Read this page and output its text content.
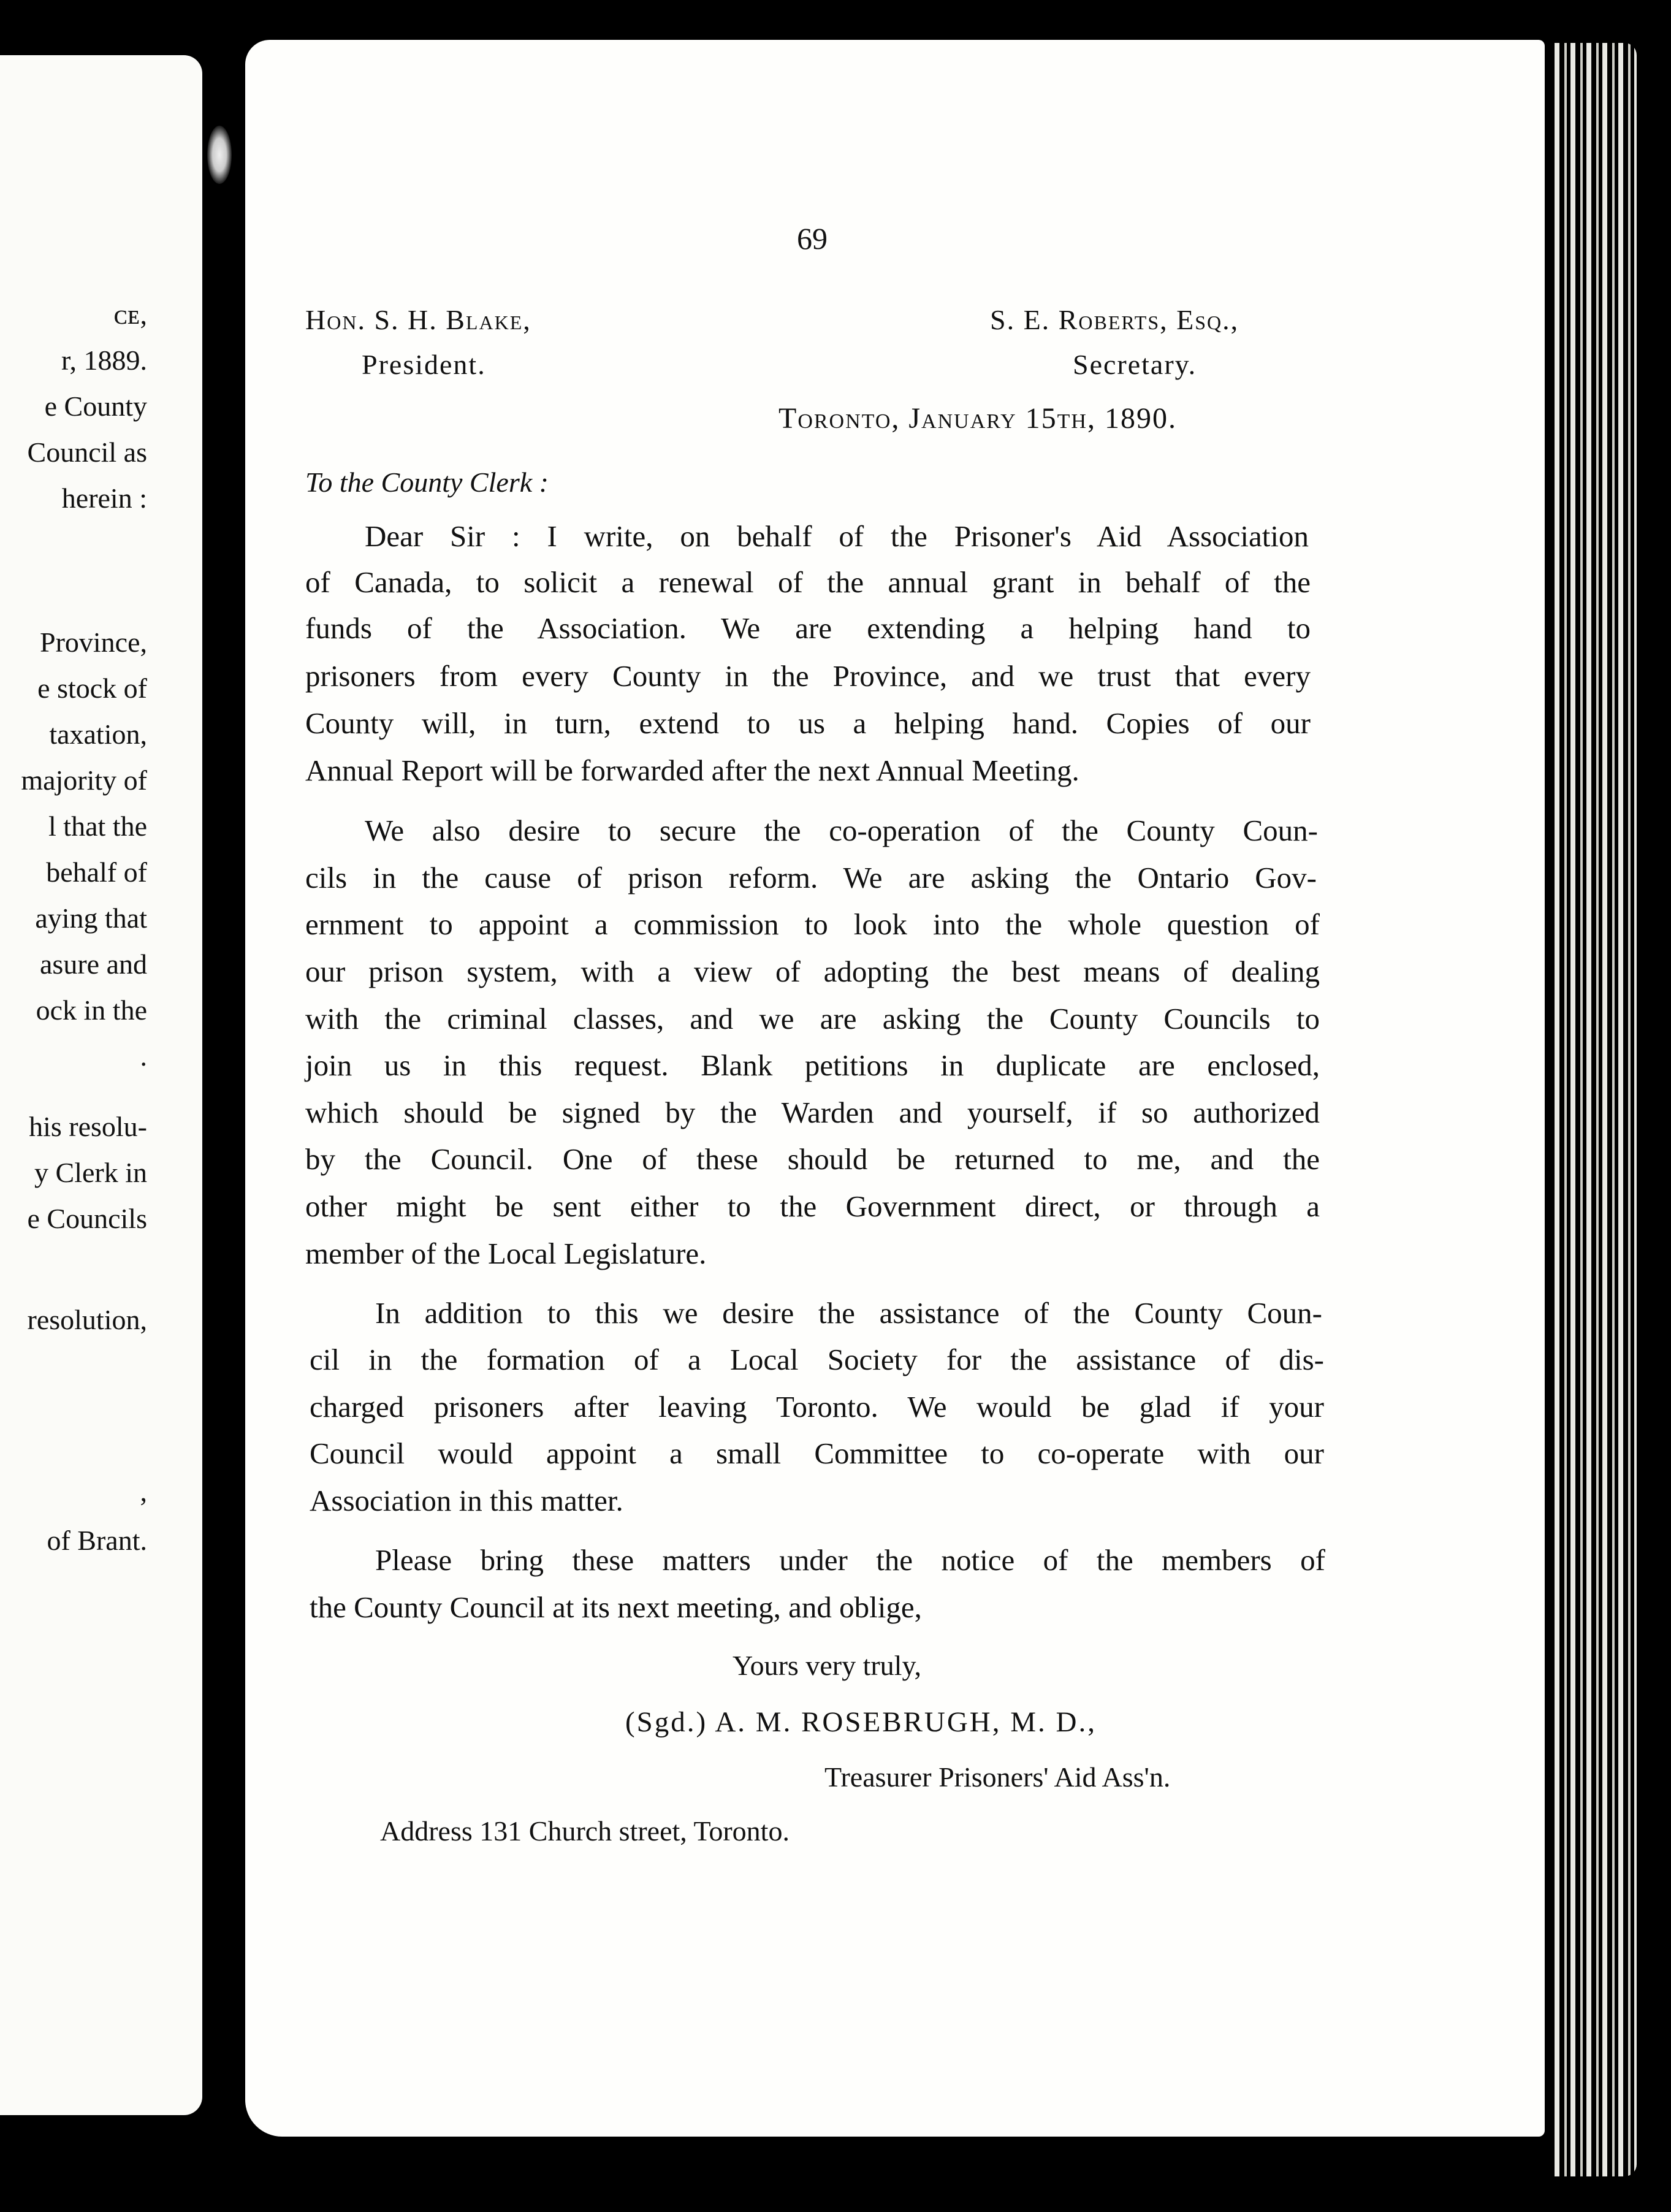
ᴄᴇ,
r, 1889.
e County
Council as
herein :
Province,
e stock of
taxation,
majority of
l that the
behalf of
aying that
asure and
ock in the
.
his resolu-
y Clerk in
e Councils
resolution,
,
of Brant.
69
Hon. S. H. Blake,
President.
S. E. Roberts, Esq.,
Secretary.
Toronto, January 15th, 1890.
To the County Clerk :
Dear Sir : I write, on behalf of the Prisoner's Aid Association
of Canada, to solicit a renewal of the annual grant in behalf of the
funds of the Association. We are extending a helping hand to
prisoners from every County in the Province, and we trust that every
County will, in turn, extend to us a helping hand. Copies of our
Annual Report will be forwarded after the next Annual Meeting.
We also desire to secure the co-operation of the County Coun-
cils in the cause of prison reform. We are asking the Ontario Gov-
ernment to appoint a commission to look into the whole question of
our prison system, with a view of adopting the best means of dealing
with the criminal classes, and we are asking the County Councils to
join us in this request. Blank petitions in duplicate are enclosed,
which should be signed by the Warden and yourself, if so authorized
by the Council. One of these should be returned to me, and the
other might be sent either to the Government direct, or through a
member of the Local Legislature.
In addition to this we desire the assistance of the County Coun-
cil in the formation of a Local Society for the assistance of dis-
charged prisoners after leaving Toronto. We would be glad if your
Council would appoint a small Committee to co-operate with our
Association in this matter.
Please bring these matters under the notice of the members of
the County Council at its next meeting, and oblige,
Yours very truly,
(Sgd.) A. M. ROSEBRUGH, M. D.,
Treasurer Prisoners' Aid Ass'n.
Address 131 Church street, Toronto.
